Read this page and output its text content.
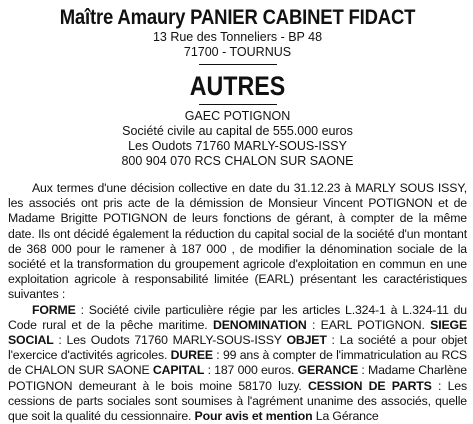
Maître Amaury PANIER CABINET FIDACT
13 Rue des Tonneliers - BP 48
71700 - TOURNUS
AUTRES
GAEC POTIGNON
Société civile au capital de 555.000 euros
Les Oudots 71760 MARLY-SOUS-ISSY
800 904 070 RCS CHALON SUR SAONE

Aux termes d'une décision collective en date du 31.12.23 à MARLY SOUS ISSY, les associés ont pris acte de la démission de Monsieur Vincent POTIGNON et de Madame Brigitte POTIGNON de leurs fonctions de gérant, à compter de la même date. Ils ont décidé également la réduction du capital social de la société d'un montant de 368 000 pour le ramener à 187 000 , de modifier la dénomination sociale de la société et la transformation du groupement agricole d'exploitation en commun en une exploitation agricole à responsabilité limitée (EARL) présentant les caractéristiques suivantes :

FORME : Société civile particulière régie par les articles L.324-1 à L.324-11 du Code rural et de la pêche maritime. DENOMINATION : EARL POTIGNON. SIEGE SOCIAL : Les Oudots 71760 MARLY-SOUS-ISSY OBJET : La société a pour objet l'exercice d'activités agricoles. DUREE : 99 ans à compter de l'immatriculation au RCS de CHALON SUR SAONE CAPITAL : 187 000 euros. GERANCE : Madame Charlène POTIGNON demeurant à le bois moine 58170 luzy. CESSION DE PARTS : Les cessions de parts sociales sont soumises à l'agrément unanime des associés, quelle que soit la qualité du cessionnaire. Pour avis et mention La Gérance
